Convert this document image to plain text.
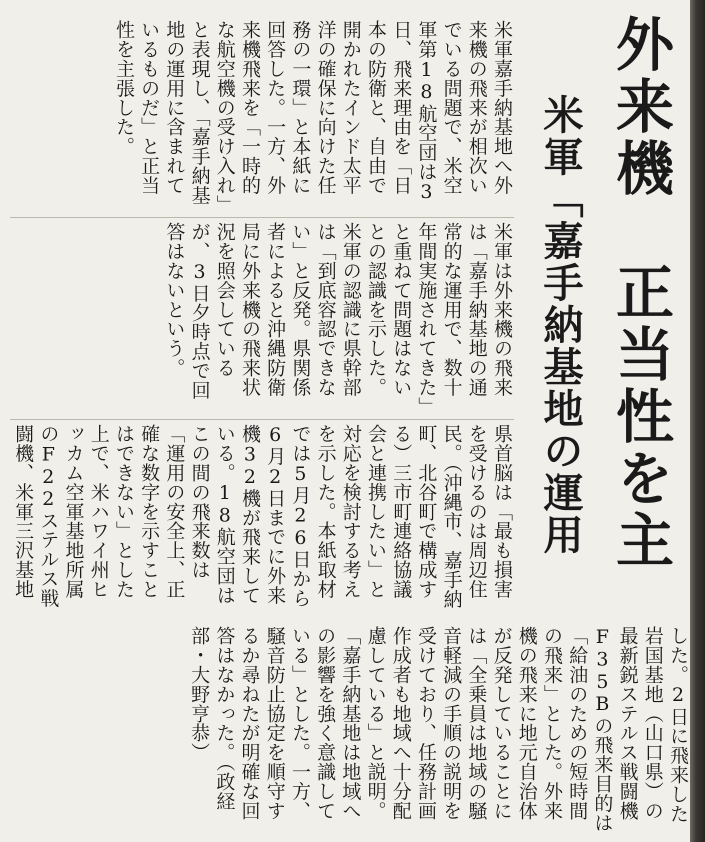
外来機　正当性を主
米軍「嘉手納基地の運用

米軍嘉手納基地へ外来機の飛来が相次いでいる問題で、米空軍第18航空団は3日、飛来理由を「日本の防衛と、自由で開かれたインド太平洋の確保に向けた任務の一環」と本紙に回答した。一方、外来機飛来を「一時的な航空機の受け入れ」と表現し、「嘉手納基地の運用に含まれているものだ」と正当性を主張した。

米軍は外来機の飛来は「嘉手納基地の通常的な運用で、数十年間実施されてきた」と重ねて問題はないとの認識を示した。米軍の認識に県幹部は「到底容認できない」と反発。県関係者によると沖縄防衛局に外来機の飛来状況を照会しているが、3日夕時点で回答はないという。

県首脳は「最も損害を受けるのは周辺住民。（沖縄市、嘉手納町、北谷町で構成する）三市町連絡協議会と連携したい」と対応を検討する考えを示した。本紙取材では5月26日から6月2日までに外来機32機が飛来している。18航空団はこの間の飛来数は「運用の安全上、正確な数字を示すことはできない」とした上で、米ハワイ州ヒッカム空軍基地所属のF22ステルス戦闘機、米軍三沢基地

した。2日に飛来した岩国基地（山口県）の最新鋭ステルス戦闘機F35Bの飛来目的は「給油のための短時間の飛来」とした。外来機の飛来に地元自治体が反発していることには「全乗員は地域の騒音軽減の手順の説明を受けており、任務計画作成者も地域へ十分配慮している」と説明。「嘉手納基地は地域への影響を強く意識している」とした。一方、騒音防止協定を順守するか尋ねたが明確な回答はなかった。（政経部・大野亨恭）
